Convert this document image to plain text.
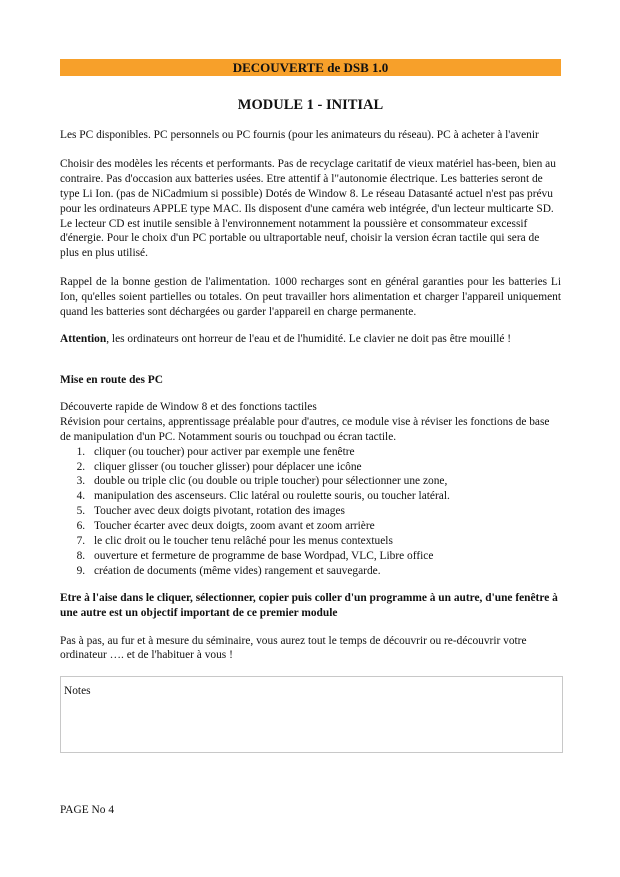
DECOUVERTE de DSB 1.0
MODULE 1 - INITIAL

Les PC disponibles. PC personnels ou PC fournis (pour les animateurs du réseau). PC à acheter à l'avenir

Choisir des modèles les récents et performants. Pas de recyclage caritatif de vieux matériel has-been, bien au contraire. Pas d'occasion aux batteries usées. Etre attentif à l"autonomie électrique. Les batteries seront de type Li Ion. (pas de NiCadmium si possible) Dotés de Window 8. Le réseau Datasanté actuel n'est pas prévu pour les ordinateurs APPLE type MAC. Ils disposent d'une caméra web intégrée, d'un lecteur multicarte SD. Le lecteur CD est inutile sensible à l'environnement notamment la poussière et consommateur excessif d'énergie. Pour le choix d'un PC portable ou ultraportable neuf, choisir la version écran tactile qui sera de plus en plus utilisé.

Rappel de la bonne gestion de l'alimentation. 1000 recharges sont en général garanties pour les batteries Li Ion, qu'elles soient partielles ou totales. On peut travailler hors alimentation et charger l'appareil uniquement quand les batteries sont déchargées ou garder l'appareil en charge permanente.

Attention, les ordinateurs ont horreur de l'eau et de l'humidité. Le clavier ne doit pas être mouillé !

Mise en route des PC

Découverte rapide de Window 8 et des fonctions tactiles

Révision pour certains, apprentissage préalable pour d'autres, ce module vise à réviser les fonctions de base de manipulation d'un PC. Notamment souris ou touchpad ou écran tactile.

1. cliquer (ou toucher) pour activer par exemple une fenêtre
2. cliquer glisser (ou toucher glisser) pour déplacer une icône
3. double ou triple clic (ou double ou triple toucher) pour sélectionner une zone,
4. manipulation des ascenseurs. Clic latéral ou roulette souris, ou toucher latéral.
5. Toucher avec deux doigts pivotant, rotation des images
6. Toucher écarter avec deux doigts, zoom avant et zoom arrière
7. le clic droit ou le toucher tenu relâché pour les menus contextuels
8. ouverture et fermeture de programme de base Wordpad, VLC, Libre office
9. création de documents (même vides) rangement et sauvegarde.

Etre à l'aise dans le cliquer, sélectionner, copier puis coller d'un programme à un autre, d'une fenêtre à une autre est un objectif important de ce premier module

Pas à pas, au fur et à mesure du séminaire, vous aurez tout le temps de découvrir ou re-découvrir votre ordinateur …. et de l'habituer à vous !

Notes
PAGE No 4
